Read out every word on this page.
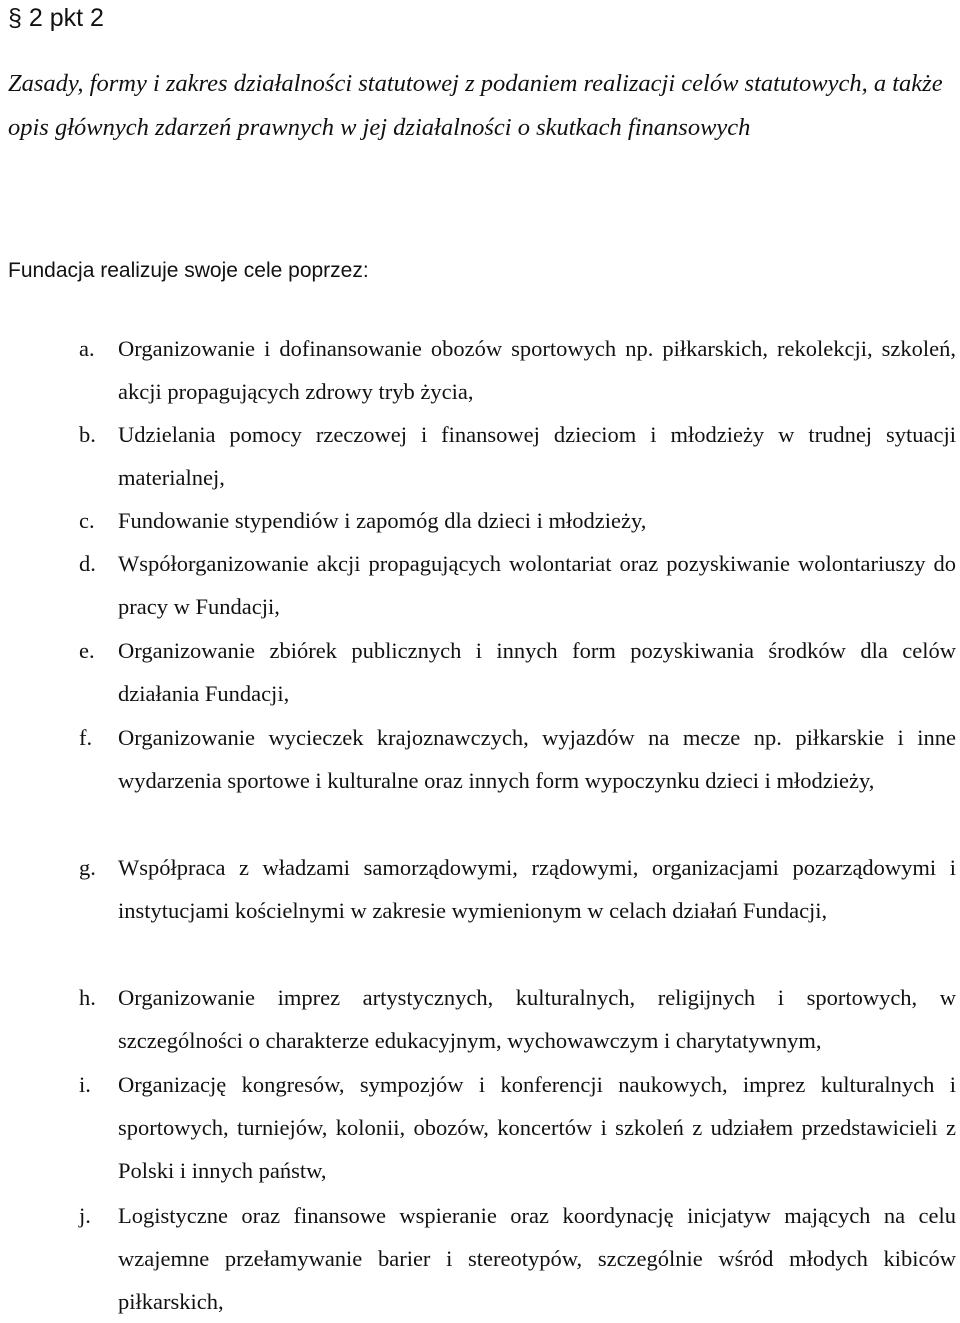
§ 2 pkt 2
Zasady, formy i zakres działalności statutowej z podaniem realizacji celów statutowych, a także opis głównych zdarzeń prawnych w jej działalności o skutkach finansowych
Fundacja realizuje swoje cele poprzez:
a.	Organizowanie i dofinansowanie obozów sportowych np. piłkarskich, rekolekcji, szkoleń, akcji propagujących zdrowy tryb życia,
b. Udzielania pomocy rzeczowej i finansowej dzieciom i młodzieży w trudnej sytuacji materialnej,
c.	Fundowanie stypendiów i zapomóg dla dzieci i młodzieży,
d. Współorganizowanie akcji propagujących wolontariat oraz pozyskiwanie wolontariuszy do pracy w Fundacji,
e.	Organizowanie zbiórek publicznych i innych form pozyskiwania środków dla celów działania Fundacji,
f.	Organizowanie wycieczek krajoznawczych, wyjazdów na mecze np. piłkarskie i inne wydarzenia sportowe i kulturalne oraz innych form wypoczynku dzieci i młodzieży,
g. Współpraca z władzami samorządowymi, rządowymi, organizacjami pozarządowymi i instytucjami kościelnymi w zakresie wymienionym w celach działań Fundacji,
h. Organizowanie imprez artystycznych, kulturalnych, religijnych i sportowych, w szczególności o charakterze edukacyjnym, wychowawczym i charytatywnym,
i.	Organizację kongresów, sympozjów i konferencji naukowych, imprez kulturalnych i sportowych, turniejów, kolonii, obozów, koncertów i szkoleń z udziałem przedstawicieli z Polski i innych państw,
j.	Logistyczne oraz finansowe wspieranie oraz koordynację inicjatyw mających na celu wzajemne przełamywanie barier i stereotypów, szczególnie wśród młodych kibiców piłkarskich,
